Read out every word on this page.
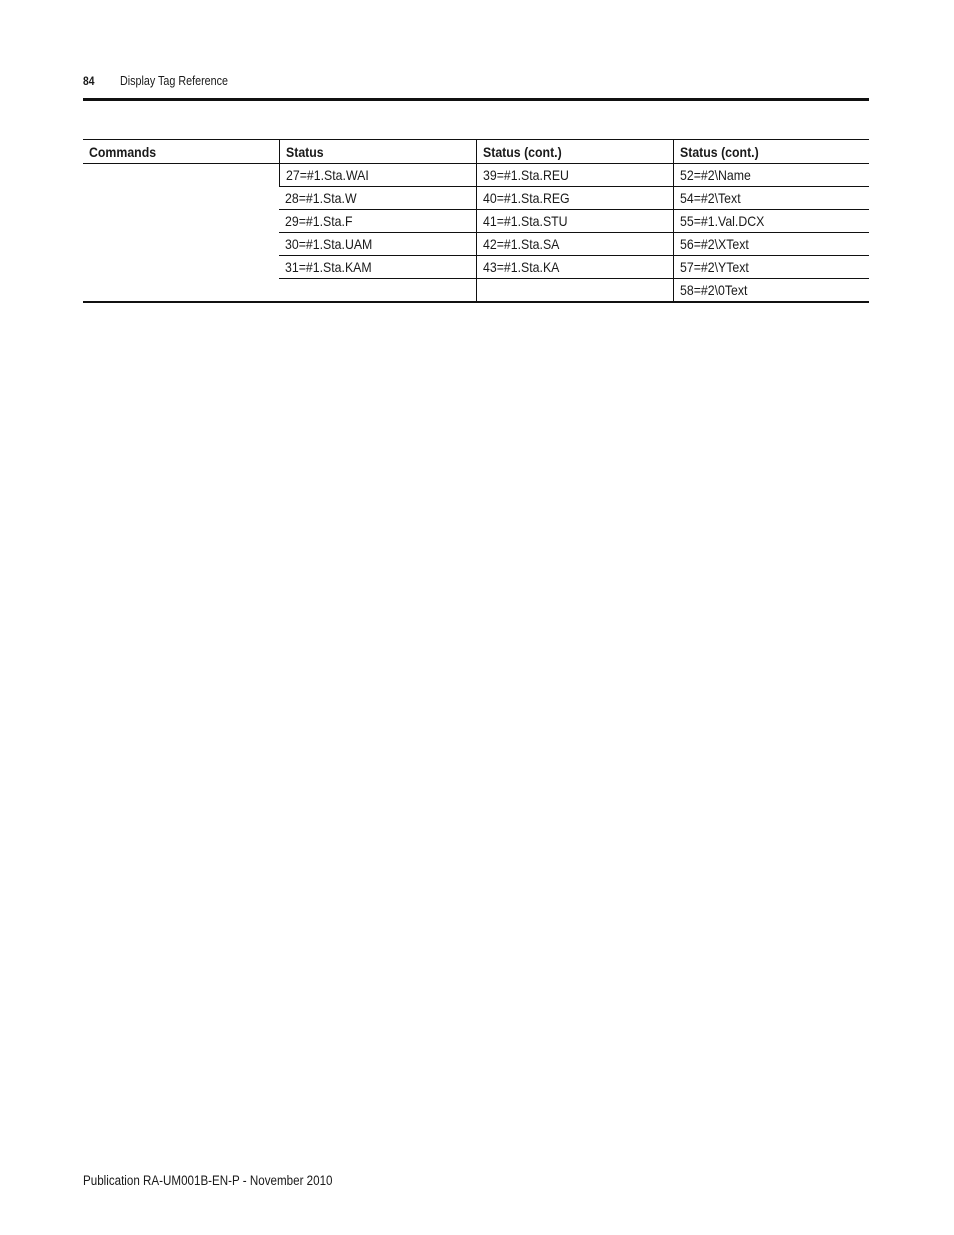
84 Display Tag Reference
Commands	Status	Status (cont.)	Status (cont.)
	27=#1.Sta.WAI	39=#1.Sta.REU	52=#2\Name
	28=#1.Sta.W	40=#1.Sta.REG	54=#2\Text
	29=#1.Sta.F	41=#1.Sta.STU	55=#1.Val.DCX
	30=#1.Sta.UAM	42=#1.Sta.SA	56=#2\XText
	31=#1.Sta.KAM	43=#1.Sta.KA	57=#2\YText
			58=#2\0Text
Publication RA-UM001B-EN-P - November 2010
